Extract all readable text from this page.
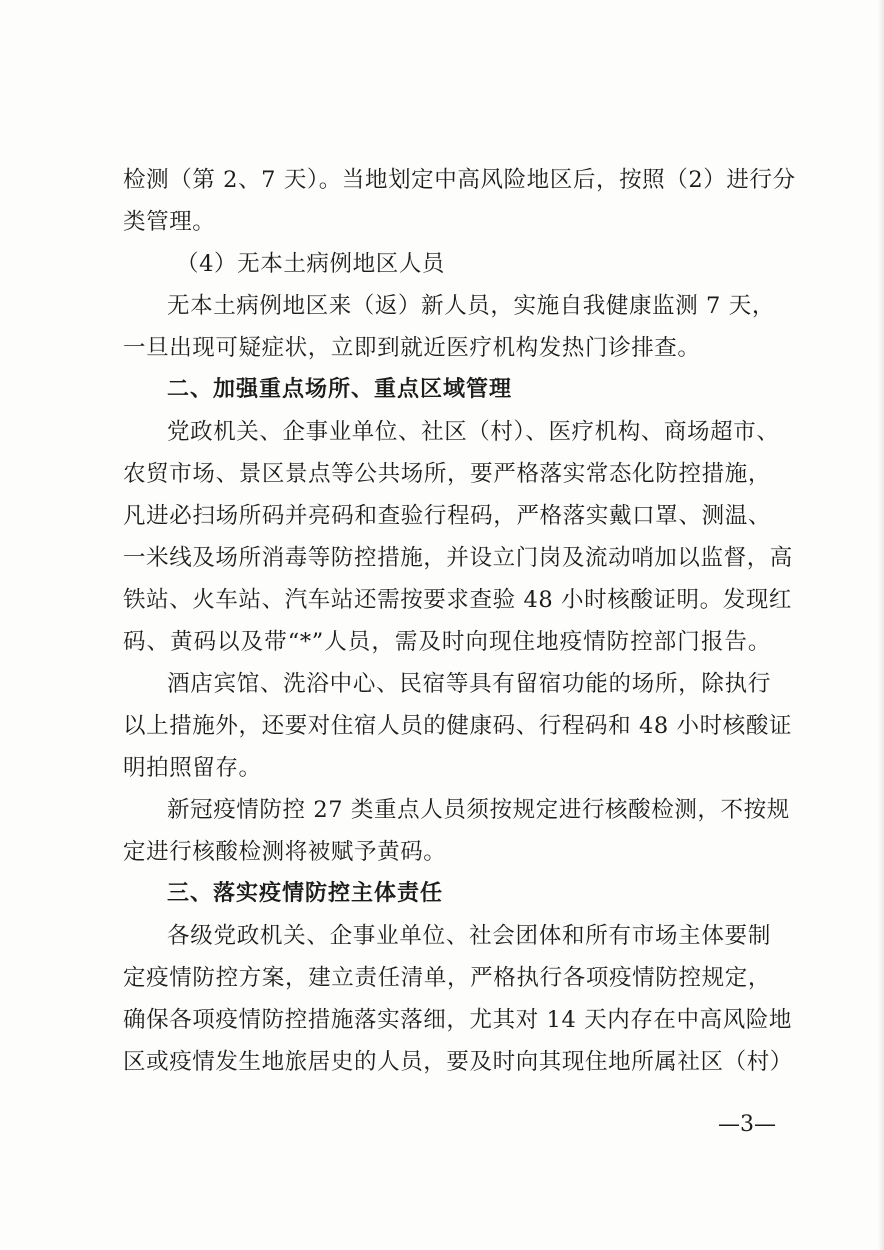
检测（第 2、7 天）。当地划定中高风险地区后，按照（2）进行分
类管理。
（4）无本土病例地区人员
无本土病例地区来（返）新人员，实施自我健康监测 7 天，
一旦出现可疑症状，立即到就近医疗机构发热门诊排查。
二、加强重点场所、重点区域管理
党政机关、企事业单位、社区（村）、医疗机构、商场超市、
农贸市场、景区景点等公共场所，要严格落实常态化防控措施，
凡进必扫场所码并亮码和查验行程码，严格落实戴口罩、测温、
一米线及场所消毒等防控措施，并设立门岗及流动哨加以监督，高
铁站、火车站、汽车站还需按要求查验 48 小时核酸证明。发现红
码、黄码以及带“*”人员，需及时向现住地疫情防控部门报告。
酒店宾馆、洗浴中心、民宿等具有留宿功能的场所，除执行
以上措施外，还要对住宿人员的健康码、行程码和 48 小时核酸证
明拍照留存。
新冠疫情防控 27 类重点人员须按规定进行核酸检测，不按规
定进行核酸检测将被赋予黄码。
三、落实疫情防控主体责任
各级党政机关、企事业单位、社会团体和所有市场主体要制
定疫情防控方案，建立责任清单，严格执行各项疫情防控规定，
确保各项疫情防控措施落实落细，尤其对 14 天内存在中高风险地
区或疫情发生地旅居史的人员，要及时向其现住地所属社区（村）
—3—
